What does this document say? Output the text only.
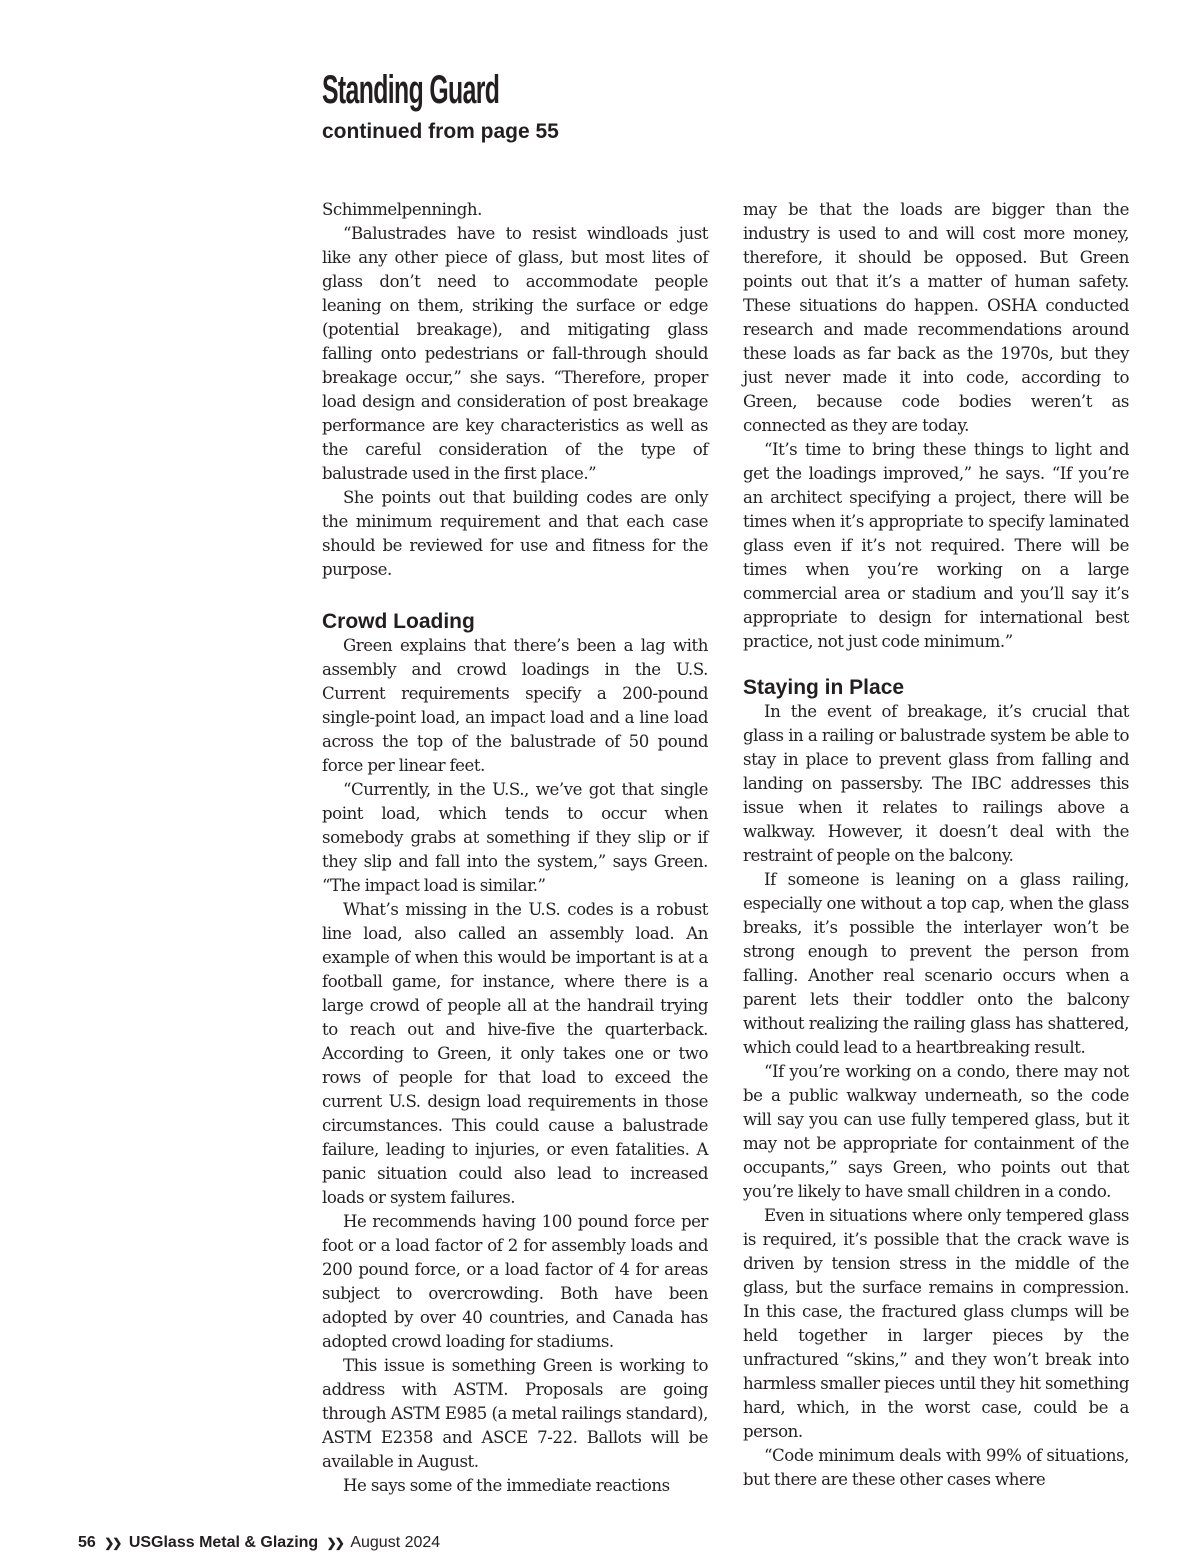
Standing Guard
continued from page 55

Schimmelpenningh.

“Balustrades have to resist windloads just like any other piece of glass, but most lites of glass don’t need to accommodate people leaning on them, striking the surface or edge (potential breakage), and mitigating glass falling onto pedestrians or fall-through should breakage occur,” she says. “Therefore, proper load design and consideration of post breakage performance are key characteristics as well as the careful consideration of the type of balustrade used in the first place.”

She points out that building codes are only the minimum requirement and that each case should be reviewed for use and fitness for the purpose.

Crowd Loading

Green explains that there’s been a lag with assembly and crowd loadings in the U.S. Current requirements specify a 200-pound single-point load, an impact load and a line load across the top of the balustrade of 50 pound force per linear feet.

“Currently, in the U.S., we’ve got that single point load, which tends to occur when somebody grabs at something if they slip or if they slip and fall into the system,” says Green. “The impact load is similar.”

What’s missing in the U.S. codes is a robust line load, also called an assembly load. An example of when this would be important is at a football game, for instance, where there is a large crowd of people all at the handrail trying to reach out and hive-five the quarterback. According to Green, it only takes one or two rows of people for that load to exceed the current U.S. design load requirements in those circumstances. This could cause a balustrade failure, leading to injuries, or even fatalities. A panic situation could also lead to increased loads or system failures.

He recommends having 100 pound force per foot or a load factor of 2 for assembly loads and 200 pound force, or a load factor of 4 for areas subject to overcrowding. Both have been adopted by over 40 countries, and Canada has adopted crowd loading for stadiums.

This issue is something Green is working to address with ASTM. Proposals are going through ASTM E985 (a metal railings standard), ASTM E2358 and ASCE 7-22. Ballots will be available in August.

He says some of the immediate reactions

may be that the loads are bigger than the industry is used to and will cost more money, therefore, it should be opposed. But Green points out that it’s a matter of human safety. These situations do happen. OSHA conducted research and made recommendations around these loads as far back as the 1970s, but they just never made it into code, according to Green, because code bodies weren’t as connected as they are today.

“It’s time to bring these things to light and get the loadings improved,” he says. “If you’re an architect specifying a project, there will be times when it’s appropriate to specify laminated glass even if it’s not required. There will be times when you’re working on a large commercial area or stadium and you’ll say it’s appropriate to design for international best practice, not just code minimum.”

Staying in Place

In the event of breakage, it’s crucial that glass in a railing or balustrade system be able to stay in place to prevent glass from falling and landing on passersby. The IBC addresses this issue when it relates to railings above a walkway. However, it doesn’t deal with the restraint of people on the balcony.

If someone is leaning on a glass railing, especially one without a top cap, when the glass breaks, it’s possible the interlayer won’t be strong enough to prevent the person from falling. Another real scenario occurs when a parent lets their toddler onto the balcony without realizing the railing glass has shattered, which could lead to a heartbreaking result.

“If you’re working on a condo, there may not be a public walkway underneath, so the code will say you can use fully tempered glass, but it may not be appropriate for containment of the occupants,” says Green, who points out that you’re likely to have small children in a condo.

Even in situations where only tempered glass is required, it’s possible that the crack wave is driven by tension stress in the middle of the glass, but the surface remains in compression. In this case, the fractured glass clumps will be held together in larger pieces by the unfractured “skins,” and they won’t break into harmless smaller pieces until they hit something hard, which, in the worst case, could be a person.

“Code minimum deals with 99% of situations, but there are these other cases where

56 ❯❯ USGlass Metal & Glazing ❯❯ August 2024
